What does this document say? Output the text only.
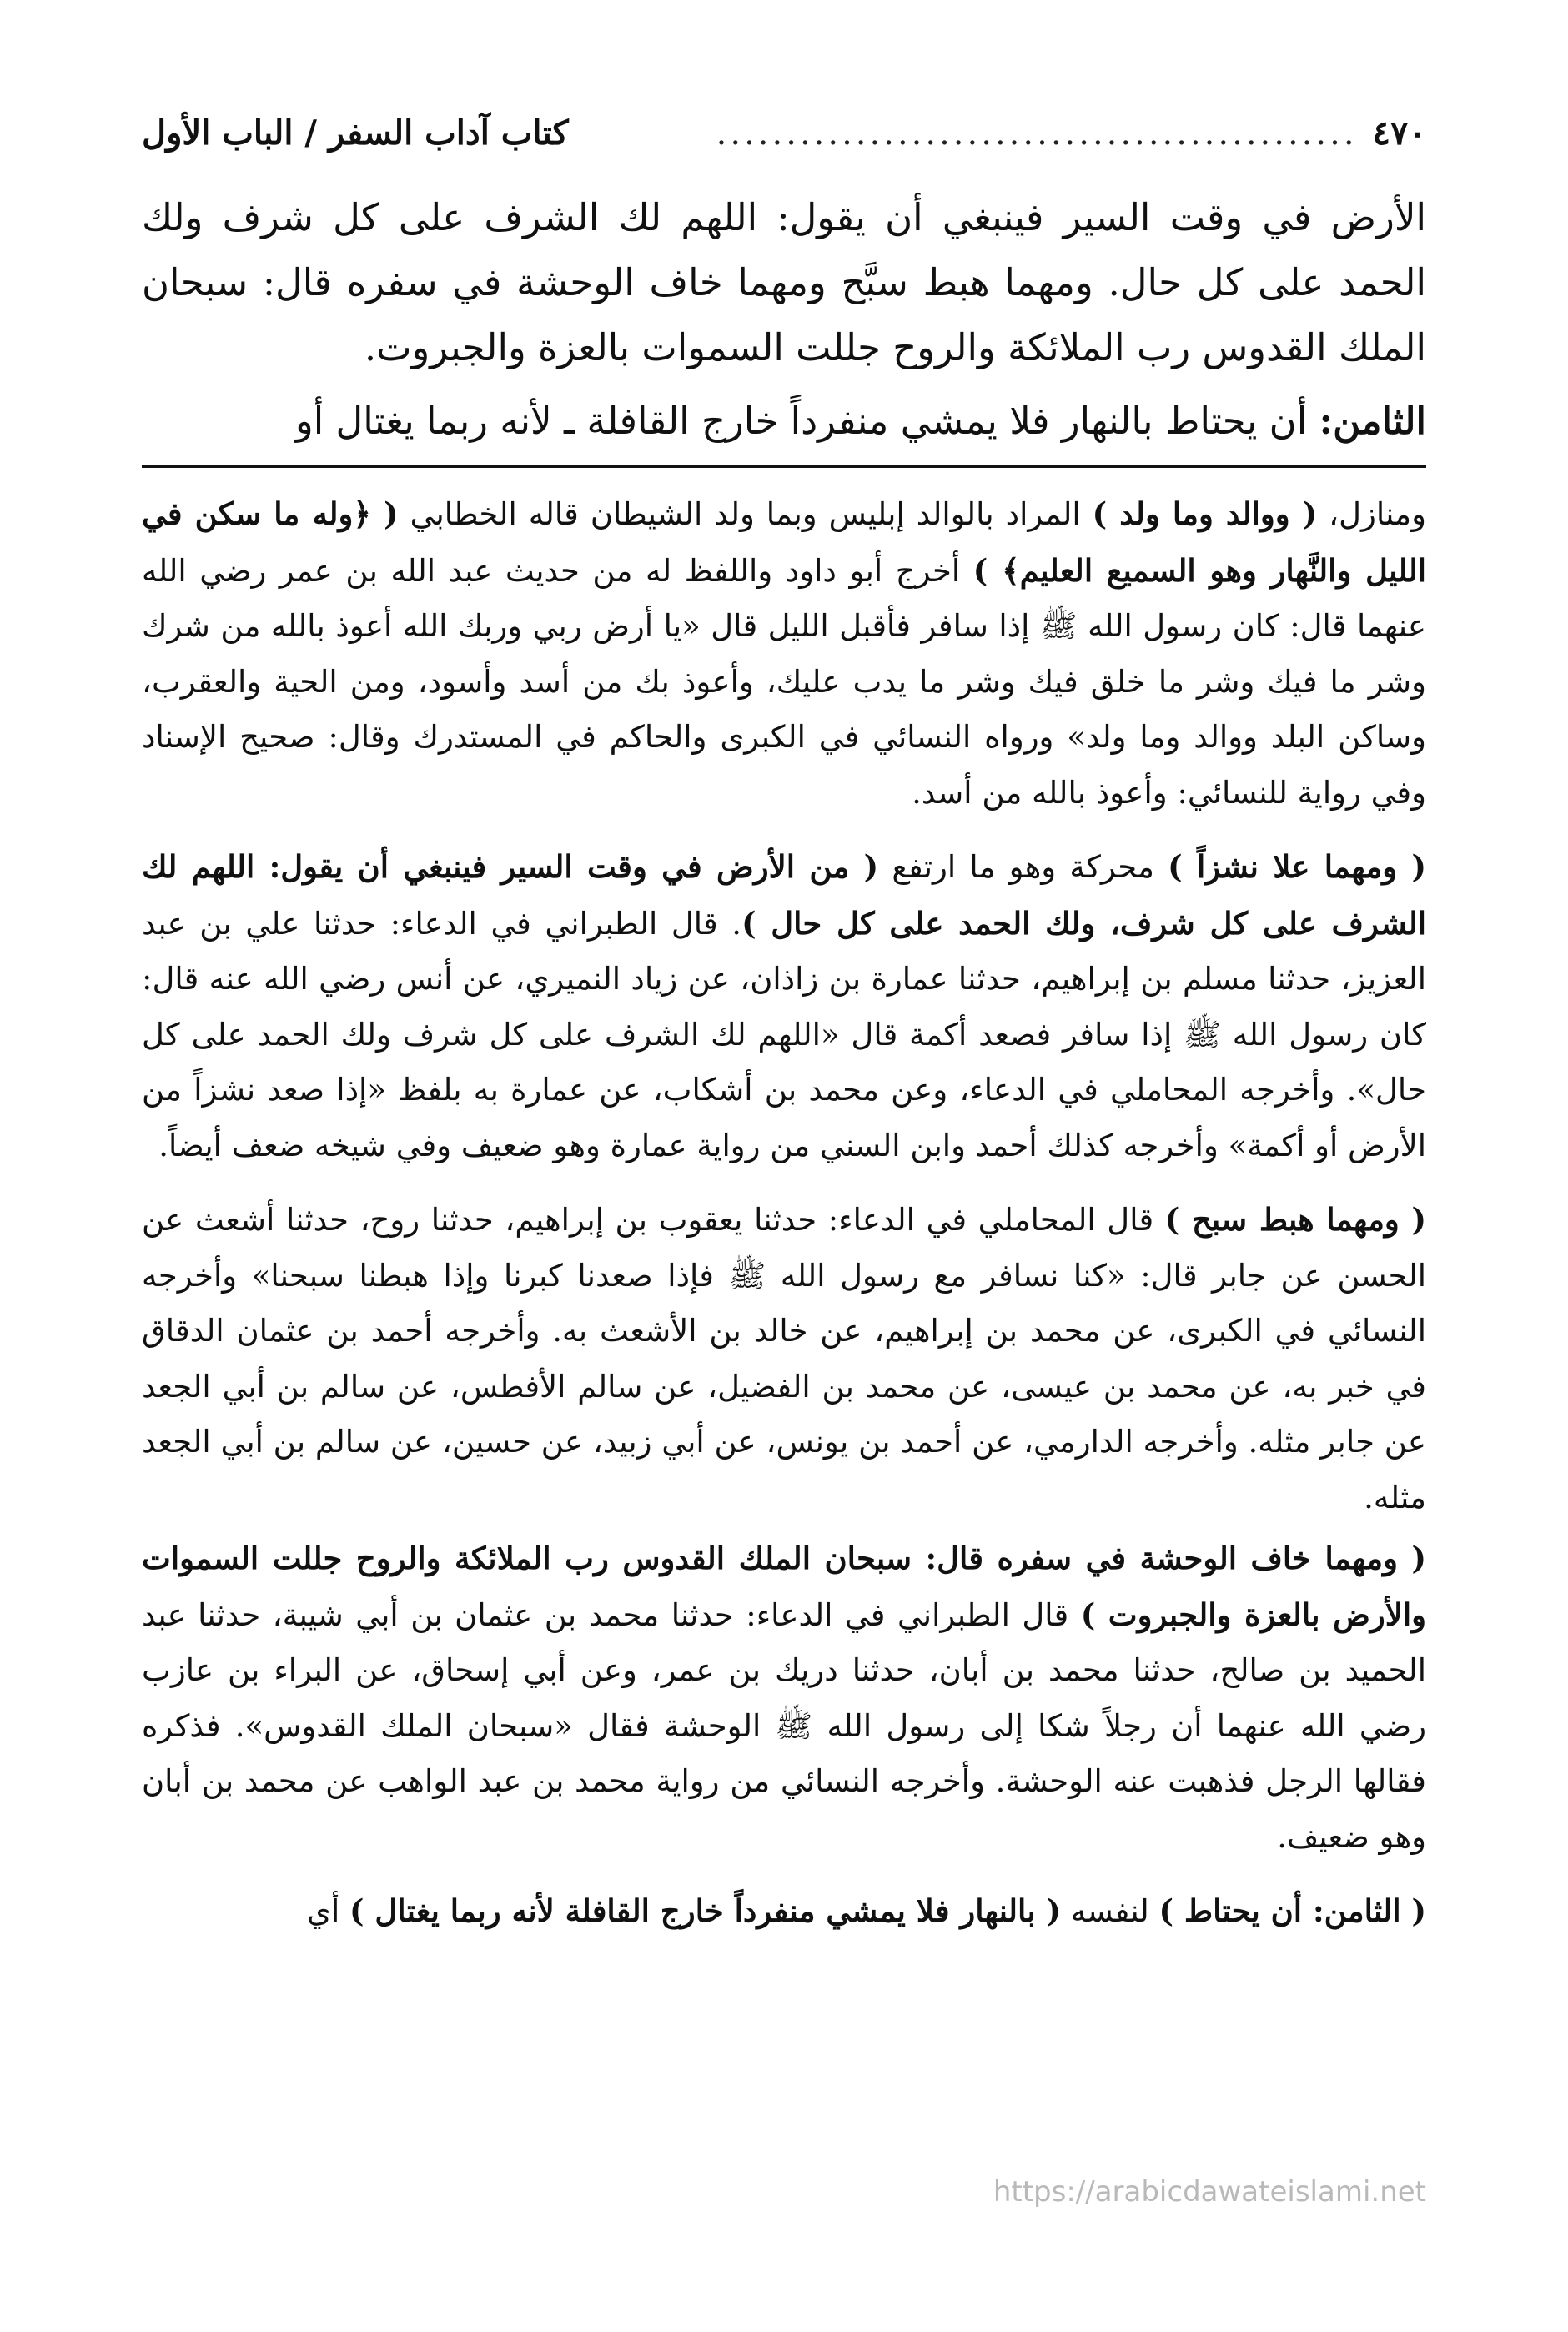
٤٧٠
..............................................
كتاب آداب السفر / الباب الأول

الأرض في وقت السير فينبغي أن يقول: اللهم لك الشرف على كل شرف ولك الحمد على كل حال. ومهما هبط سبَّح ومهما خاف الوحشة في سفره قال: سبحان الملك القدوس رب الملائكة والروح جللت السموات بالعزة والجبروت.

الثامن: أن يحتاط بالنهار فلا يمشي منفرداً خارج القافلة ـ لأنه ربما يغتال أو

ومنازل، ( ووالد وما ولد ) المراد بالوالد إبليس وبما ولد الشيطان قاله الخطابي ( ﴿وله ما سكن في الليل والنَّهار وهو السميع العليم﴾ ) أخرج أبو داود واللفظ له من حديث عبد الله بن عمر رضي الله عنهما قال: كان رسول الله ﷺ إذا سافر فأقبل الليل قال «يا أرض ربي وربك الله أعوذ بالله من شرك وشر ما فيك وشر ما خلق فيك وشر ما يدب عليك، وأعوذ بك من أسد وأسود، ومن الحية والعقرب، وساكن البلد ووالد وما ولد» ورواه النسائي في الكبرى والحاكم في المستدرك وقال: صحيح الإسناد وفي رواية للنسائي: وأعوذ بالله من أسد.

( ومهما علا نشزاً ) محركة وهو ما ارتفع ( من الأرض في وقت السير فينبغي أن يقول: اللهم لك الشرف على كل شرف، ولك الحمد على كل حال ). قال الطبراني في الدعاء: حدثنا علي بن عبد العزيز، حدثنا مسلم بن إبراهيم، حدثنا عمارة بن زاذان، عن زياد النميري، عن أنس رضي الله عنه قال: كان رسول الله ﷺ إذا سافر فصعد أكمة قال «اللهم لك الشرف على كل شرف ولك الحمد على كل حال». وأخرجه المحاملي في الدعاء، وعن محمد بن أشكاب، عن عمارة به بلفظ «إذا صعد نشزاً من الأرض أو أكمة» وأخرجه كذلك أحمد وابن السني من رواية عمارة وهو ضعيف وفي شيخه ضعف أيضاً.

( ومهما هبط سبح ) قال المحاملي في الدعاء: حدثنا يعقوب بن إبراهيم، حدثنا روح، حدثنا أشعث عن الحسن عن جابر قال: «كنا نسافر مع رسول الله ﷺ فإذا صعدنا كبرنا وإذا هبطنا سبحنا» وأخرجه النسائي في الكبرى، عن محمد بن إبراهيم، عن خالد بن الأشعث به. وأخرجه أحمد بن عثمان الدقاق في خبر به، عن محمد بن عيسى، عن محمد بن الفضيل، عن سالم الأفطس، عن سالم بن أبي الجعد عن جابر مثله. وأخرجه الدارمي، عن أحمد بن يونس، عن أبي زبيد، عن حسين، عن سالم بن أبي الجعد مثله.

( ومهما خاف الوحشة في سفره قال: سبحان الملك القدوس رب الملائكة والروح جللت السموات والأرض بالعزة والجبروت ) قال الطبراني في الدعاء: حدثنا محمد بن عثمان بن أبي شيبة، حدثنا عبد الحميد بن صالح، حدثنا محمد بن أبان، حدثنا دريك بن عمر، وعن أبي إسحاق، عن البراء بن عازب رضي الله عنهما أن رجلاً شكا إلى رسول الله ﷺ الوحشة فقال «سبحان الملك القدوس». فذكره فقالها الرجل فذهبت عنه الوحشة. وأخرجه النسائي من رواية محمد بن عبد الواهب عن محمد بن أبان وهو ضعيف.

( الثامن: أن يحتاط ) لنفسه ( بالنهار فلا يمشي منفرداً خارج القافلة لأنه ربما يغتال ) أي

https://arabicdawateislami.net
